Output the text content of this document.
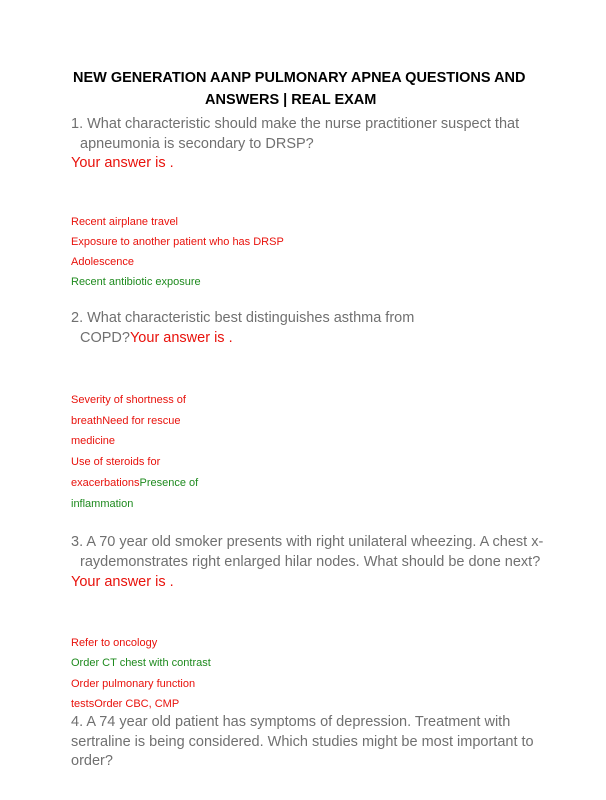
NEW GENERATION AANP PULMONARY APNEA QUESTIONS AND
ANSWERS | REAL EXAM
1. What characteristic should make the nurse practitioner suspect that
apneumonia is secondary to DRSP?
Your answer is .
Recent airplane travel
Exposure to another patient who has DRSP
Adolescence
Recent antibiotic exposure
2. What characteristic best distinguishes asthma from
COPD?Your answer is .
Severity of shortness of
breathNeed for rescue
medicine
Use of steroids for
exacerbationsPresence of
inflammation
3. A 70 year old smoker presents with right unilateral wheezing. A chest x-
raydemonstrates right enlarged hilar nodes. What should be done next?
Your answer is .
Refer to oncology
Order CT chest with contrast
Order pulmonary function
testsOrder CBC, CMP
4. A 74 year old patient has symptoms of depression. Treatment with
sertraline is being considered. Which studies might be most important to
order?
